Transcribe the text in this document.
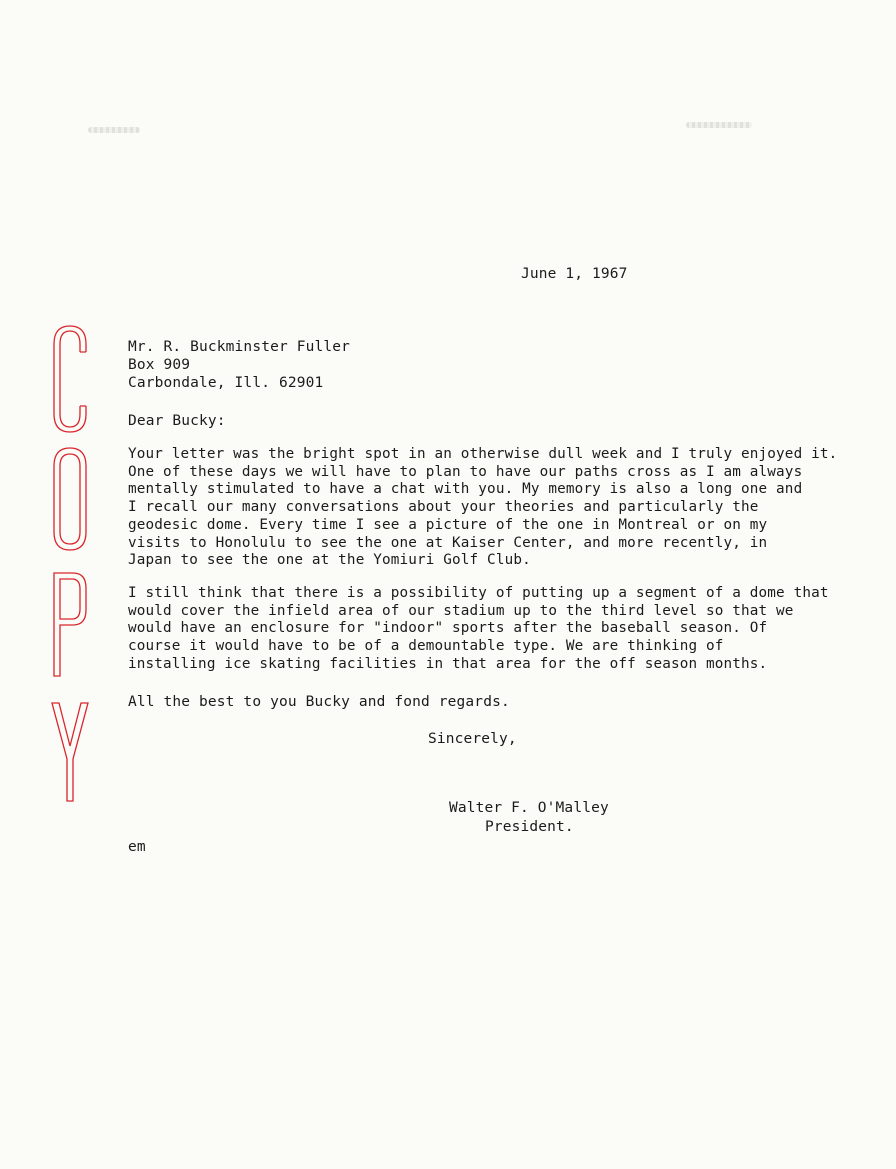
June 1, 1967
Mr. R. Buckminster Fuller
Box 909
Carbondale, Ill. 62901
Dear Bucky:
Your letter was the bright spot in an otherwise dull week and I truly enjoyed it.
One of these days we will have to plan to have our paths cross as I am always
mentally stimulated to have a chat with you. My memory is also a long one and
I recall our many conversations about your theories and particularly the
geodesic dome. Every time I see a picture of the one in Montreal or on my
visits to Honolulu to see the one at Kaiser Center, and more recently, in
Japan to see the one at the Yomiuri Golf Club.
I still think that there is a possibility of putting up a segment of a dome that
would cover the infield area of our stadium up to the third level so that we
would have an enclosure for "indoor" sports after the baseball season. Of
course it would have to be of a demountable type. We are thinking of
installing ice skating facilities in that area for the off season months.
All the best to you Bucky and fond regards.
Sincerely,
Walter F. O'Malley
President.
em
